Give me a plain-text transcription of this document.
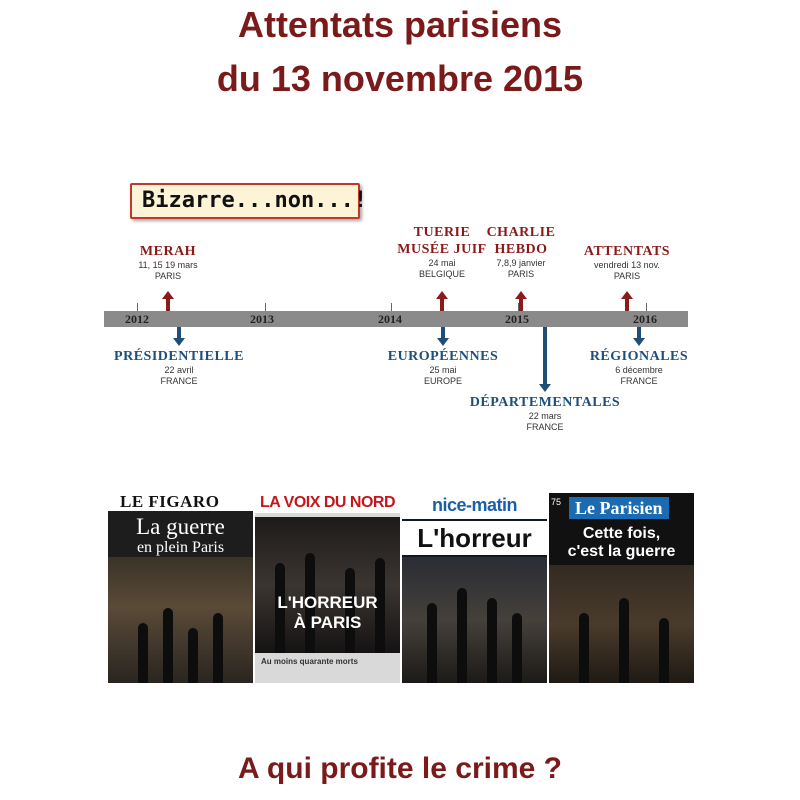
Attentats parisiens
du 13 novembre 2015
Bizarre...non...!
2012	2013	2014	2015	2016
MERAH
11, 15 19 mars
PARIS
TUERIE
MUSÉE JUIF
24 mai
BELGIQUE
CHARLIE
HEBDO
7,8,9 janvier
PARIS
ATTENTATS
vendredi 13 nov.
PARIS
PRÉSIDENTIELLE
22 avril
FRANCE
EUROPÉENNES
25 mai
EUROPE
DÉPARTEMENTALES
22 mars
FRANCE
RÉGIONALES
6 décembre
FRANCE
LE FIGARO
La guerre
en plein Paris
LA VOIX DU NORD
L'HORREUR
À PARIS
Au moins quarante morts
nice-matin
L'horreur
75 Le Parisien
Cette fois,
c'est la guerre
A qui profite le crime ?
